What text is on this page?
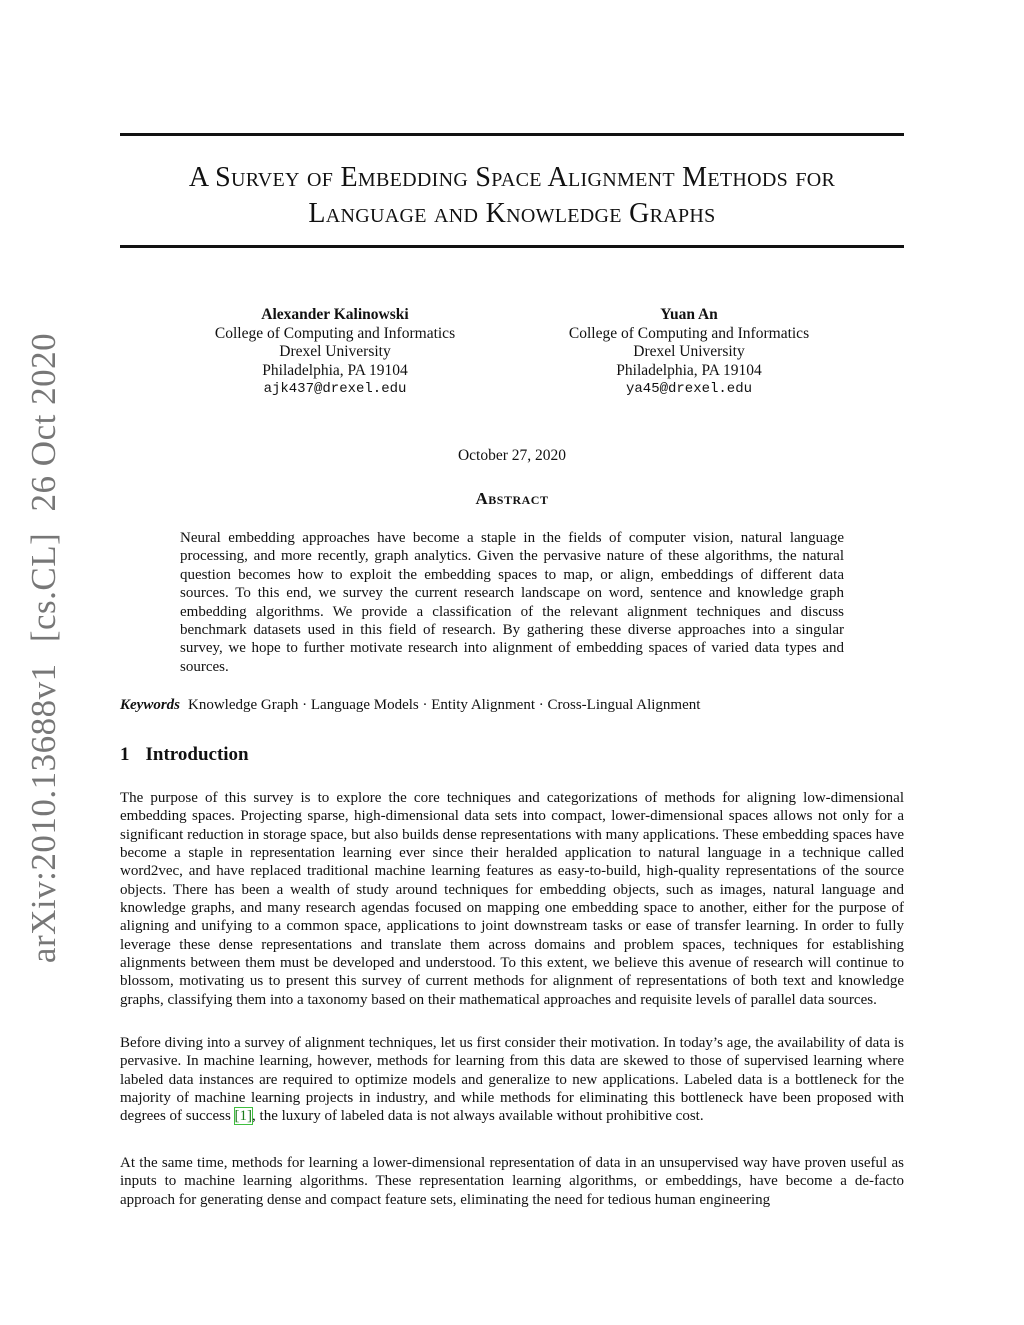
arXiv:2010.13688v1 [cs.CL] 26 Oct 2020
A Survey of Embedding Space Alignment Methods for
Language and Knowledge Graphs
Alexander Kalinowski
College of Computing and Informatics
Drexel University
Philadelphia, PA 19104
ajk437@drexel.edu
Yuan An
College of Computing and Informatics
Drexel University
Philadelphia, PA 19104
ya45@drexel.edu
October 27, 2020
Abstract

Neural embedding approaches have become a staple in the fields of computer vision, natural language processing, and more recently, graph analytics. Given the pervasive nature of these algorithms, the natural question becomes how to exploit the embedding spaces to map, or align, embeddings of different data sources. To this end, we survey the current research landscape on word, sentence and knowledge graph embedding algorithms. We provide a classification of the relevant alignment techniques and discuss benchmark datasets used in this field of research. By gathering these diverse approaches into a singular survey, we hope to further motivate research into alignment of embedding spaces of varied data types and sources.

Keywords Knowledge Graph · Language Models · Entity Alignment · Cross-Lingual Alignment
1 Introduction

The purpose of this survey is to explore the core techniques and categorizations of methods for aligning low-dimensional embedding spaces. Projecting sparse, high-dimensional data sets into compact, lower-dimensional spaces allows not only for a significant reduction in storage space, but also builds dense representations with many applications. These embedding spaces have become a staple in representation learning ever since their heralded application to natural language in a technique called word2vec, and have replaced traditional machine learning features as easy-to-build, high-quality representations of the source objects. There has been a wealth of study around techniques for embedding objects, such as images, natural language and knowledge graphs, and many research agendas focused on mapping one embedding space to another, either for the purpose of aligning and unifying to a common space, applications to joint downstream tasks or ease of transfer learning. In order to fully leverage these dense representations and translate them across domains and problem spaces, techniques for establishing alignments between them must be developed and understood. To this extent, we believe this avenue of research will continue to blossom, motivating us to present this survey of current methods for alignment of representations of both text and knowledge graphs, classifying them into a taxonomy based on their mathematical approaches and requisite levels of parallel data sources.

Before diving into a survey of alignment techniques, let us first consider their motivation. In today’s age, the availability of data is pervasive. In machine learning, however, methods for learning from this data are skewed to those of supervised learning where labeled data instances are required to optimize models and generalize to new applications. Labeled data is a bottleneck for the majority of machine learning projects in industry, and while methods for eliminating this bottleneck have been proposed with degrees of success [1], the luxury of labeled data is not always available without prohibitive cost.

At the same time, methods for learning a lower-dimensional representation of data in an unsupervised way have proven useful as inputs to machine learning algorithms. These representation learning algorithms, or embeddings, have become a de-facto approach for generating dense and compact feature sets, eliminating the need for tedious human engineering
